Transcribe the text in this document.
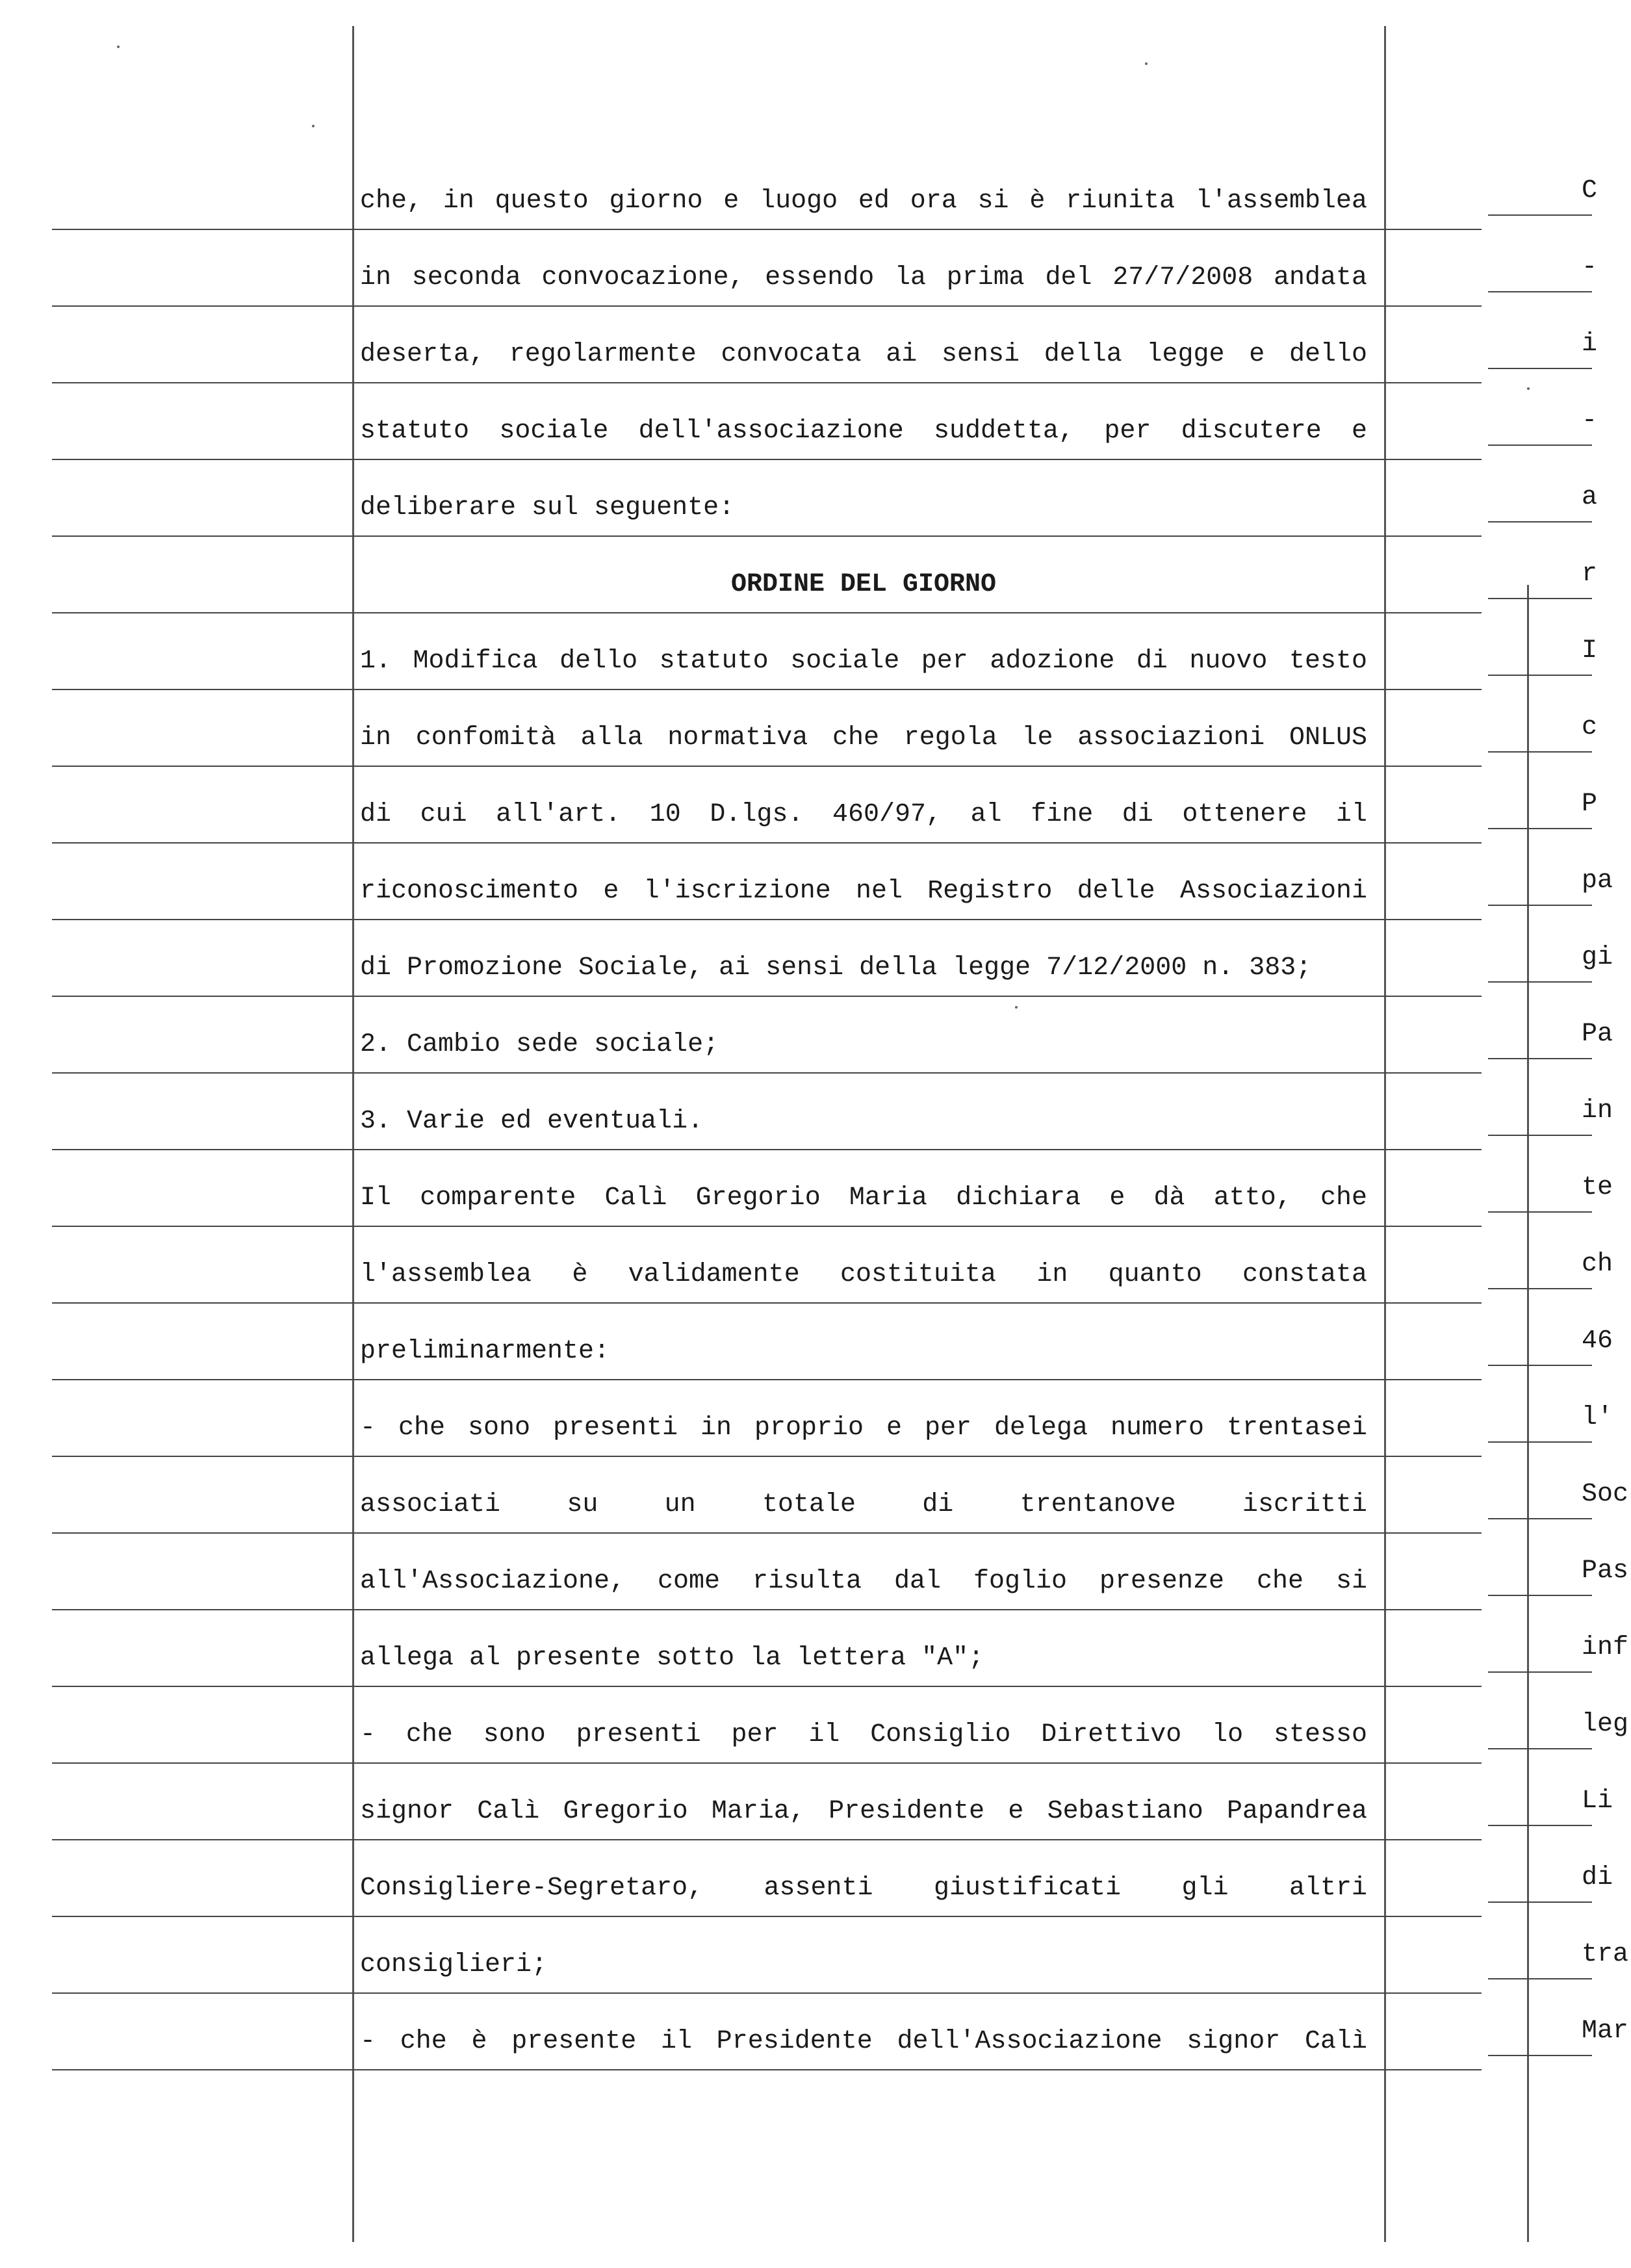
che, in questo giorno e luogo ed ora si è riunita l'assemblea
in seconda convocazione, essendo la prima del 27/7/2008 andata
deserta, regolarmente convocata ai sensi della legge e dello
statuto sociale dell'associazione suddetta, per discutere e
deliberare sul seguente:
ORDINE DEL GIORNO
1. Modifica dello statuto sociale per adozione di nuovo testo
in confomità alla normativa che regola le associazioni ONLUS
di cui all'art. 10 D.lgs. 460/97, al fine di ottenere il
riconoscimento e l'iscrizione nel Registro delle Associazioni
di Promozione Sociale, ai sensi della legge 7/12/2000 n. 383;
2. Cambio sede sociale;
3. Varie ed eventuali.
Il comparente Calì Gregorio Maria dichiara e dà atto, che
l'assemblea è validamente costituita in quanto constata
preliminarmente:
- che sono presenti in proprio e per delega numero trentasei
associati su un totale di trentanove iscritti
all'Associazione, come risulta dal foglio presenze che si
allega al presente sotto la lettera "A";
- che sono presenti per il Consiglio Direttivo lo stesso
signor Calì Gregorio Maria, Presidente e Sebastiano Papandrea
Consigliere-Segretaro, assenti giustificati gli altri
consiglieri;
- che è presente il Presidente dell'Associazione signor Calì
C
-
i
-
a
r
I
c
P
pa
gi
Pa
in
te
ch
46
l'
Soc
Pas
inf
leg
Li
di
tra
Mar
